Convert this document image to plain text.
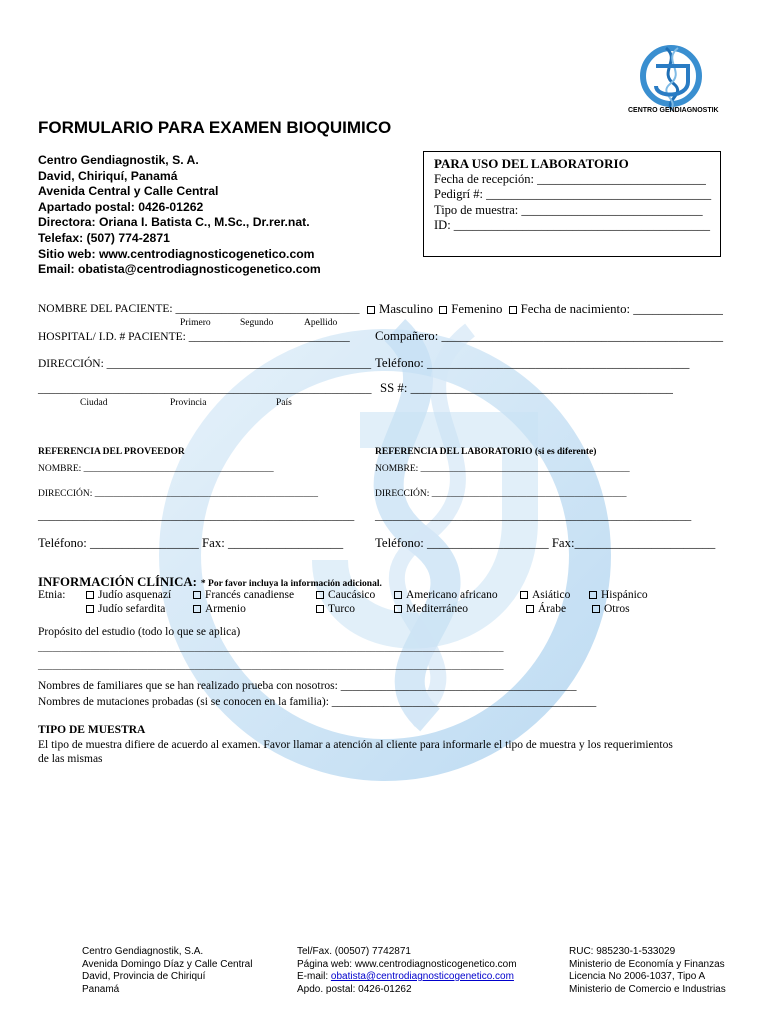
CENTRO GENDIAGNOSTIK
FORMULARIO PARA EXAMEN BIOQUIMICO
Centro Gendiagnostik, S. A.
David, Chiriquí, Panamá
Avenida Central y Calle Central
Apartado postal: 0426-01262
Directora: Oriana I. Batista C., M.Sc., Dr.rer.nat.
Telefax: (507) 774-2871
Sitio web: www.centrodiagnosticogenetico.com
Email: obatista@centrodiagnosticogenetico.com
PARA USO DEL LABORATORIO
Fecha de recepción: ___________________________
Pedigrí #: ____________________________________
Tipo de muestra: _____________________________
ID: _________________________________________
NOMBRE DEL PACIENTE: ________________________________
Primero	Segundo	Apellido
Masculino Femenino Fecha de nacimiento: ______________
HOSPITAL/ I.D. # PACIENTE: ____________________________ Compañero: ____________________________________________
DIRECCIÓN: ______________________________________________ Teléfono: _________________________________________
__________________________________________________________ SS #: _________________________________________
Ciudad	Provincia	País
REFERENCIA DEL PROVEEDOR	REFERENCIA DEL LABORATORIO (si es diferente)
NOMBRE: ________________________________________	NOMBRE: ____________________________________________
DIRECCIÓN: _______________________________________________	DIRECCIÓN: _________________________________________
_______________________________________________________ _______________________________________________________
Teléfono: _________________ Fax: __________________ Teléfono: ___________________ Fax:______________________
INFORMACIÓN CLÍNICA: * Por favor incluya la información adicional.
Etnia:	Judío asquenazí	Francés canadiense	Caucásico	Americano africano	Asiático	Hispánico
Judío sefardita	Armenio	Turco	Mediterráneo	Árabe	Otros
Propósito del estudio (todo lo que se aplica)
__________________________________________________________________________________________________
__________________________________________________________________________________________________
Nombres de familiares que se han realizado prueba con nosotros: _________________________________________
Nombres de mutaciones probadas (si se conocen en la familia): ______________________________________________
TIPO DE MUESTRA
El tipo de muestra difiere de acuerdo al examen. Favor llamar a atención al cliente para informarle el tipo de muestra y los requerimientos
de las mismas
Centro Gendiagnostik, S.A.
Avenida Domingo Díaz y Calle Central
David, Provincia de Chiriquí
Panamá
Tel/Fax. (00507) 7742871
Página web: www.centrodiagnosticogenetico.com
E-mail: obatista@centrodiagnosticogenetico.com
Apdo. postal: 0426-01262
RUC: 985230-1-533029
Ministerio de Economía y Finanzas
Licencia No 2006-1037, Tipo A
Ministerio de Comercio e Industrias
